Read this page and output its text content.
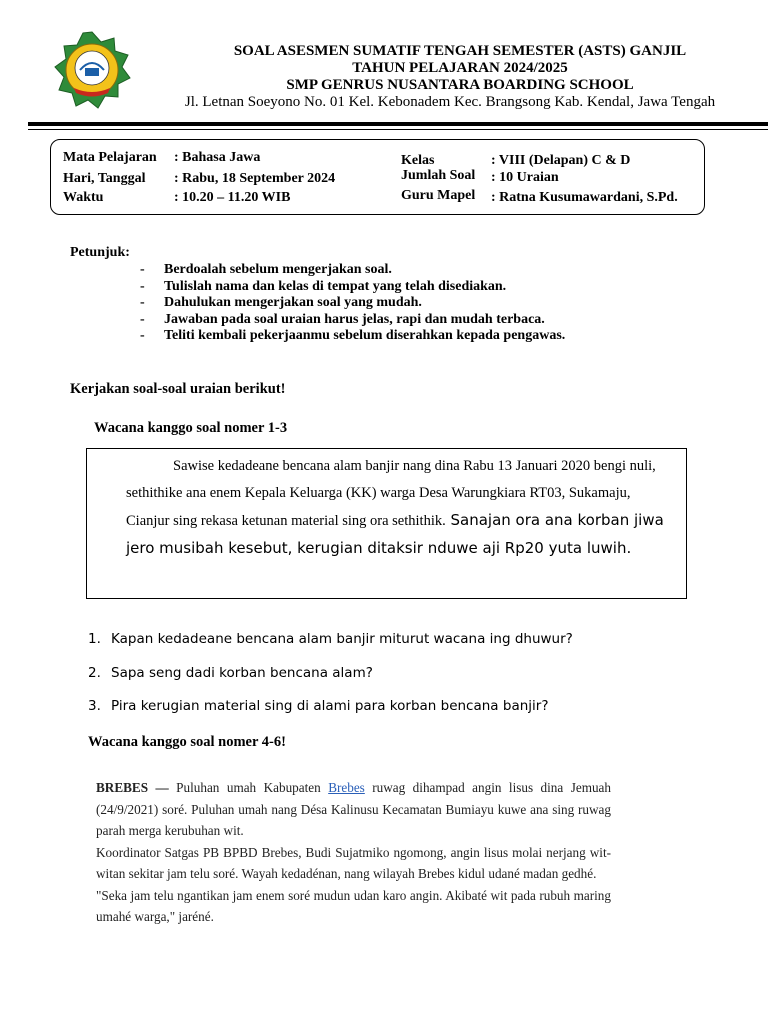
SOAL ASESMEN SUMATIF TENGAH SEMESTER (ASTS) GANJIL
TAHUN PELAJARAN 2024/2025
SMP GENRUS NUSANTARA BOARDING SCHOOL
Jl. Letnan Soeyono No. 01 Kel. Kebonadem Kec. Brangsong Kab. Kendal, Jawa Tengah
Mata Pelajaran : Bahasa Jawa
Hari, Tanggal : Rabu, 18 September 2024
Waktu	: 10.20 – 11.20 WIB
Kelas	: VIII (Delapan) C & D
Jumlah Soal : 10 Uraian
Guru Mapel : Ratna Kusumawardani, S.Pd.
Petunjuk:
-	Berdoalah sebelum mengerjakan soal.
-	Tulislah nama dan kelas di tempat yang telah disediakan.
-	Dahulukan mengerjakan soal yang mudah.
-	Jawaban pada soal uraian harus jelas, rapi dan mudah terbaca.
-	Teliti kembali pekerjaanmu sebelum diserahkan kepada pengawas.
Kerjakan soal-soal uraian berikut!
Wacana kanggo soal nomer 1-3

Sawise kedadeane bencana alam banjir nang dina Rabu 13 Januari 2020 bengi nuli, sethithike ana enem Kepala Keluarga (KK) warga Desa Warungkiara RT03, Sukamaju, Cianjur sing rekasa ketunan material sing ora sethithik. Sanajan ora ana korban jiwa jero musibah kesebut, kerugian ditaksir nduwe aji Rp20 yuta luwih.

1. Kapan kedadeane bencana alam banjir miturut wacana ing dhuwur?
2. Sapa seng dadi korban bencana alam?
3. Pira kerugian material sing di alami para korban bencana banjir?
Wacana kanggo soal nomer 4-6!

BREBES — Puluhan umah Kabupaten Brebes ruwag dihampad angin lisus dina Jemuah (24/9/2021) soré. Puluhan umah nang Désa Kalinusu Kecamatan Bumiayu kuwe ana sing ruwag parah merga kerubuhan wit.

Koordinator Satgas PB BPBD Brebes, Budi Sujatmiko ngomong, angin lisus molai nerjang wit-witan sekitar jam telu soré. Wayah kedadénan, nang wilayah Brebes kidul udané madan gedhé.

"Seka jam telu ngantikan jam enem soré mudun udan karo angin. Akibaté wit pada rubuh maring umahé warga," jaréné.
